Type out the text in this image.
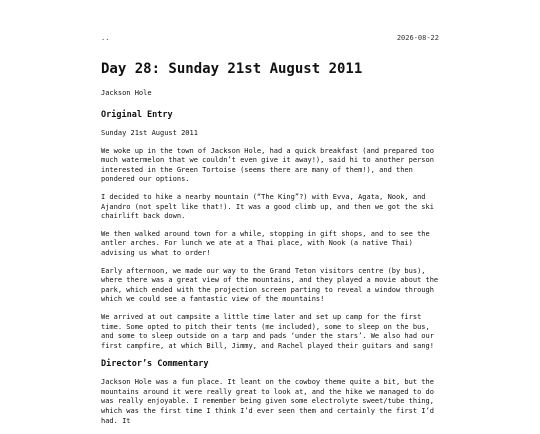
..	2026-08-22
Day 28: Sunday 21st August 2011
Jackson Hole
Original Entry

Sunday 21st August 2011

We woke up in the town of Jackson Hole, had a quick breakfast (and prepared too much watermelon that we couldn’t even give it away!), said hi to another person interested in the Green Tortoise (seems there are many of them!), and then pondered our options.

I decided to hike a nearby mountain (“The King”?) with Evva, Agata, Nook, and Ajandro (not spelt like that!). It was a good climb up, and then we got the ski chairlift back down.

We then walked around town for a while, stopping in gift shops, and to see the antler arches. For lunch we ate at a Thai place, with Nook (a native Thai) advising us what to order!

Early afternoon, we made our way to the Grand Teton visitors centre (by bus), where there was a great view of the mountains, and they played a movie about the park, which ended with the projection screen parting to reveal a window through which we could see a fantastic view of the mountains!

We arrived at out campsite a little time later and set up camp for the first time. Some opted to pitch their tents (me included), some to sleep on the bus, and some to sleep outside on a tarp and pads ‘under the stars’. We also had our first campfire, at which Bill, Jimmy, and Rachel played their guitars and sang!

Director’s Commentary

Jackson Hole was a fun place. It leant on the cowboy theme quite a bit, but the mountains around it were really great to look at, and the hike we managed to do was really enjoyable. I remember being given some electrolyte sweet/tube thing, which was the first time I think I’d ever seen them and certainly the first I’d had. It
